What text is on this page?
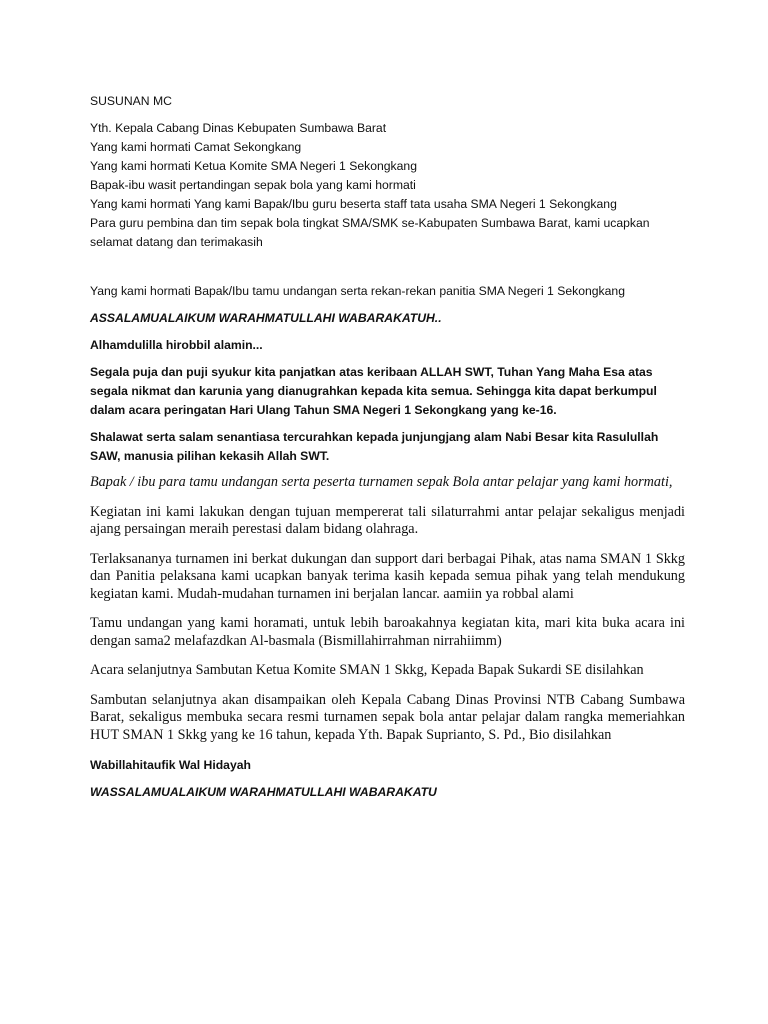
SUSUNAN MC

Yth. Kepala Cabang Dinas Kebupaten Sumbawa Barat
Yang kami hormati Camat Sekongkang
Yang kami hormati Ketua Komite SMA Negeri 1 Sekongkang
Bapak-ibu wasit pertandingan sepak bola yang kami hormati
Yang kami hormati Yang kami Bapak/Ibu guru beserta staff tata usaha SMA Negeri 1 Sekongkang
Para guru pembina dan tim sepak bola tingkat SMA/SMK se-Kabupaten Sumbawa Barat, kami ucapkan selamat datang dan terimakasih

Yang kami hormati Bapak/Ibu tamu undangan serta rekan-rekan panitia SMA Negeri 1 Sekongkang

ASSALAMUALAIKUM WARAHMATULLAHI WABARAKATUH..

Alhamdulilla hirobbil alamin...

Segala puja dan puji syukur kita panjatkan atas keribaan ALLAH SWT, Tuhan Yang Maha Esa atas segala nikmat dan karunia yang dianugrahkan kepada kita semua. Sehingga kita dapat berkumpul dalam acara peringatan Hari Ulang Tahun SMA Negeri 1 Sekongkang yang ke-16.

Shalawat serta salam senantiasa tercurahkan kepada junjungjang alam Nabi Besar kita Rasulullah SAW, manusia pilihan kekasih Allah SWT.

Bapak / ibu para tamu undangan serta peserta turnamen sepak Bola antar pelajar yang kami hormati,

Kegiatan ini kami lakukan dengan tujuan mempererat tali silaturrahmi antar pelajar sekaligus menjadi ajang persaingan meraih perestasi dalam bidang olahraga.

Terlaksananya turnamen ini berkat dukungan dan support dari berbagai Pihak, atas nama SMAN 1 Skkg dan Panitia pelaksana kami ucapkan banyak terima kasih kepada semua pihak yang telah mendukung kegiatan kami. Mudah-mudahan turnamen ini berjalan lancar. aamiin ya robbal alami

Tamu undangan yang kami horamati, untuk lebih baroakahnya kegiatan kita, mari kita buka acara ini dengan sama2 melafazdkan Al-basmala (Bismillahirrahman nirrahiimm)

Acara selanjutnya Sambutan Ketua Komite SMAN 1 Skkg, Kepada Bapak Sukardi SE disilahkan

Sambutan selanjutnya akan disampaikan oleh Kepala Cabang Dinas Provinsi NTB Cabang Sumbawa Barat, sekaligus membuka secara resmi turnamen sepak bola antar pelajar dalam rangka memeriahkan HUT SMAN 1 Skkg yang ke 16 tahun, kepada Yth. Bapak Suprianto, S. Pd., Bio disilahkan

Wabillahitaufik Wal Hidayah

WASSALAMUALAIKUM WARAHMATULLAHI WABARAKATU
